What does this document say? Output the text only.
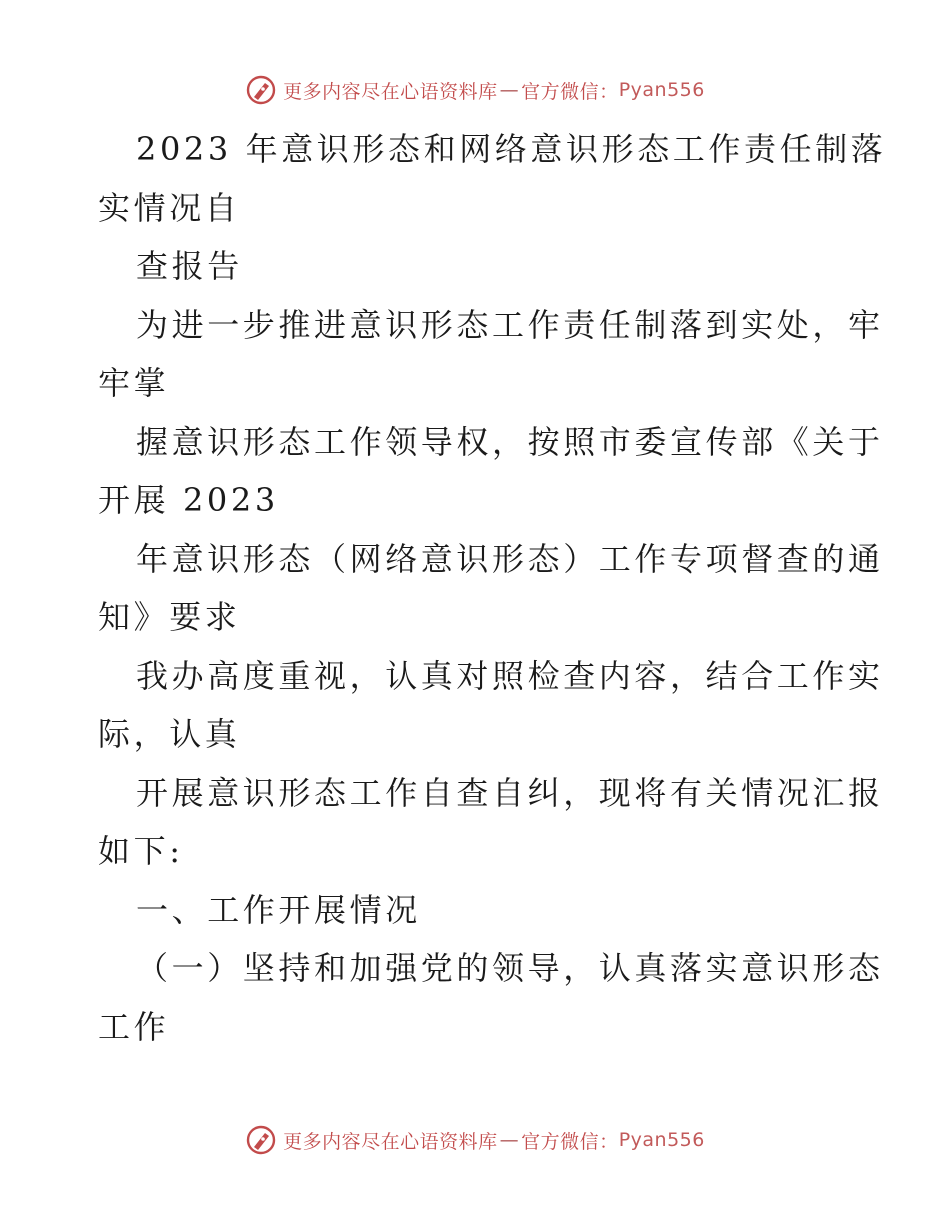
更多内容尽在心语资料库 — 官方微信： Pyan556
2023 年意识形态和网络意识形态工作责任制落
实情况自
查报告
为进一步推进意识形态工作责任制落到实处，牢
牢掌
握意识形态工作领导权，按照市委宣传部《关于
开展 2023
年意识形态（网络意识形态）工作专项督查的通
知》要求
我办高度重视，认真对照检查内容，结合工作实
际，认真
开展意识形态工作自查自纠，现将有关情况汇报
如下:
一、工作开展情况
（一）坚持和加强党的领导，认真落实意识形态
工作
更多内容尽在心语资料库 — 官方微信： Pyan556
